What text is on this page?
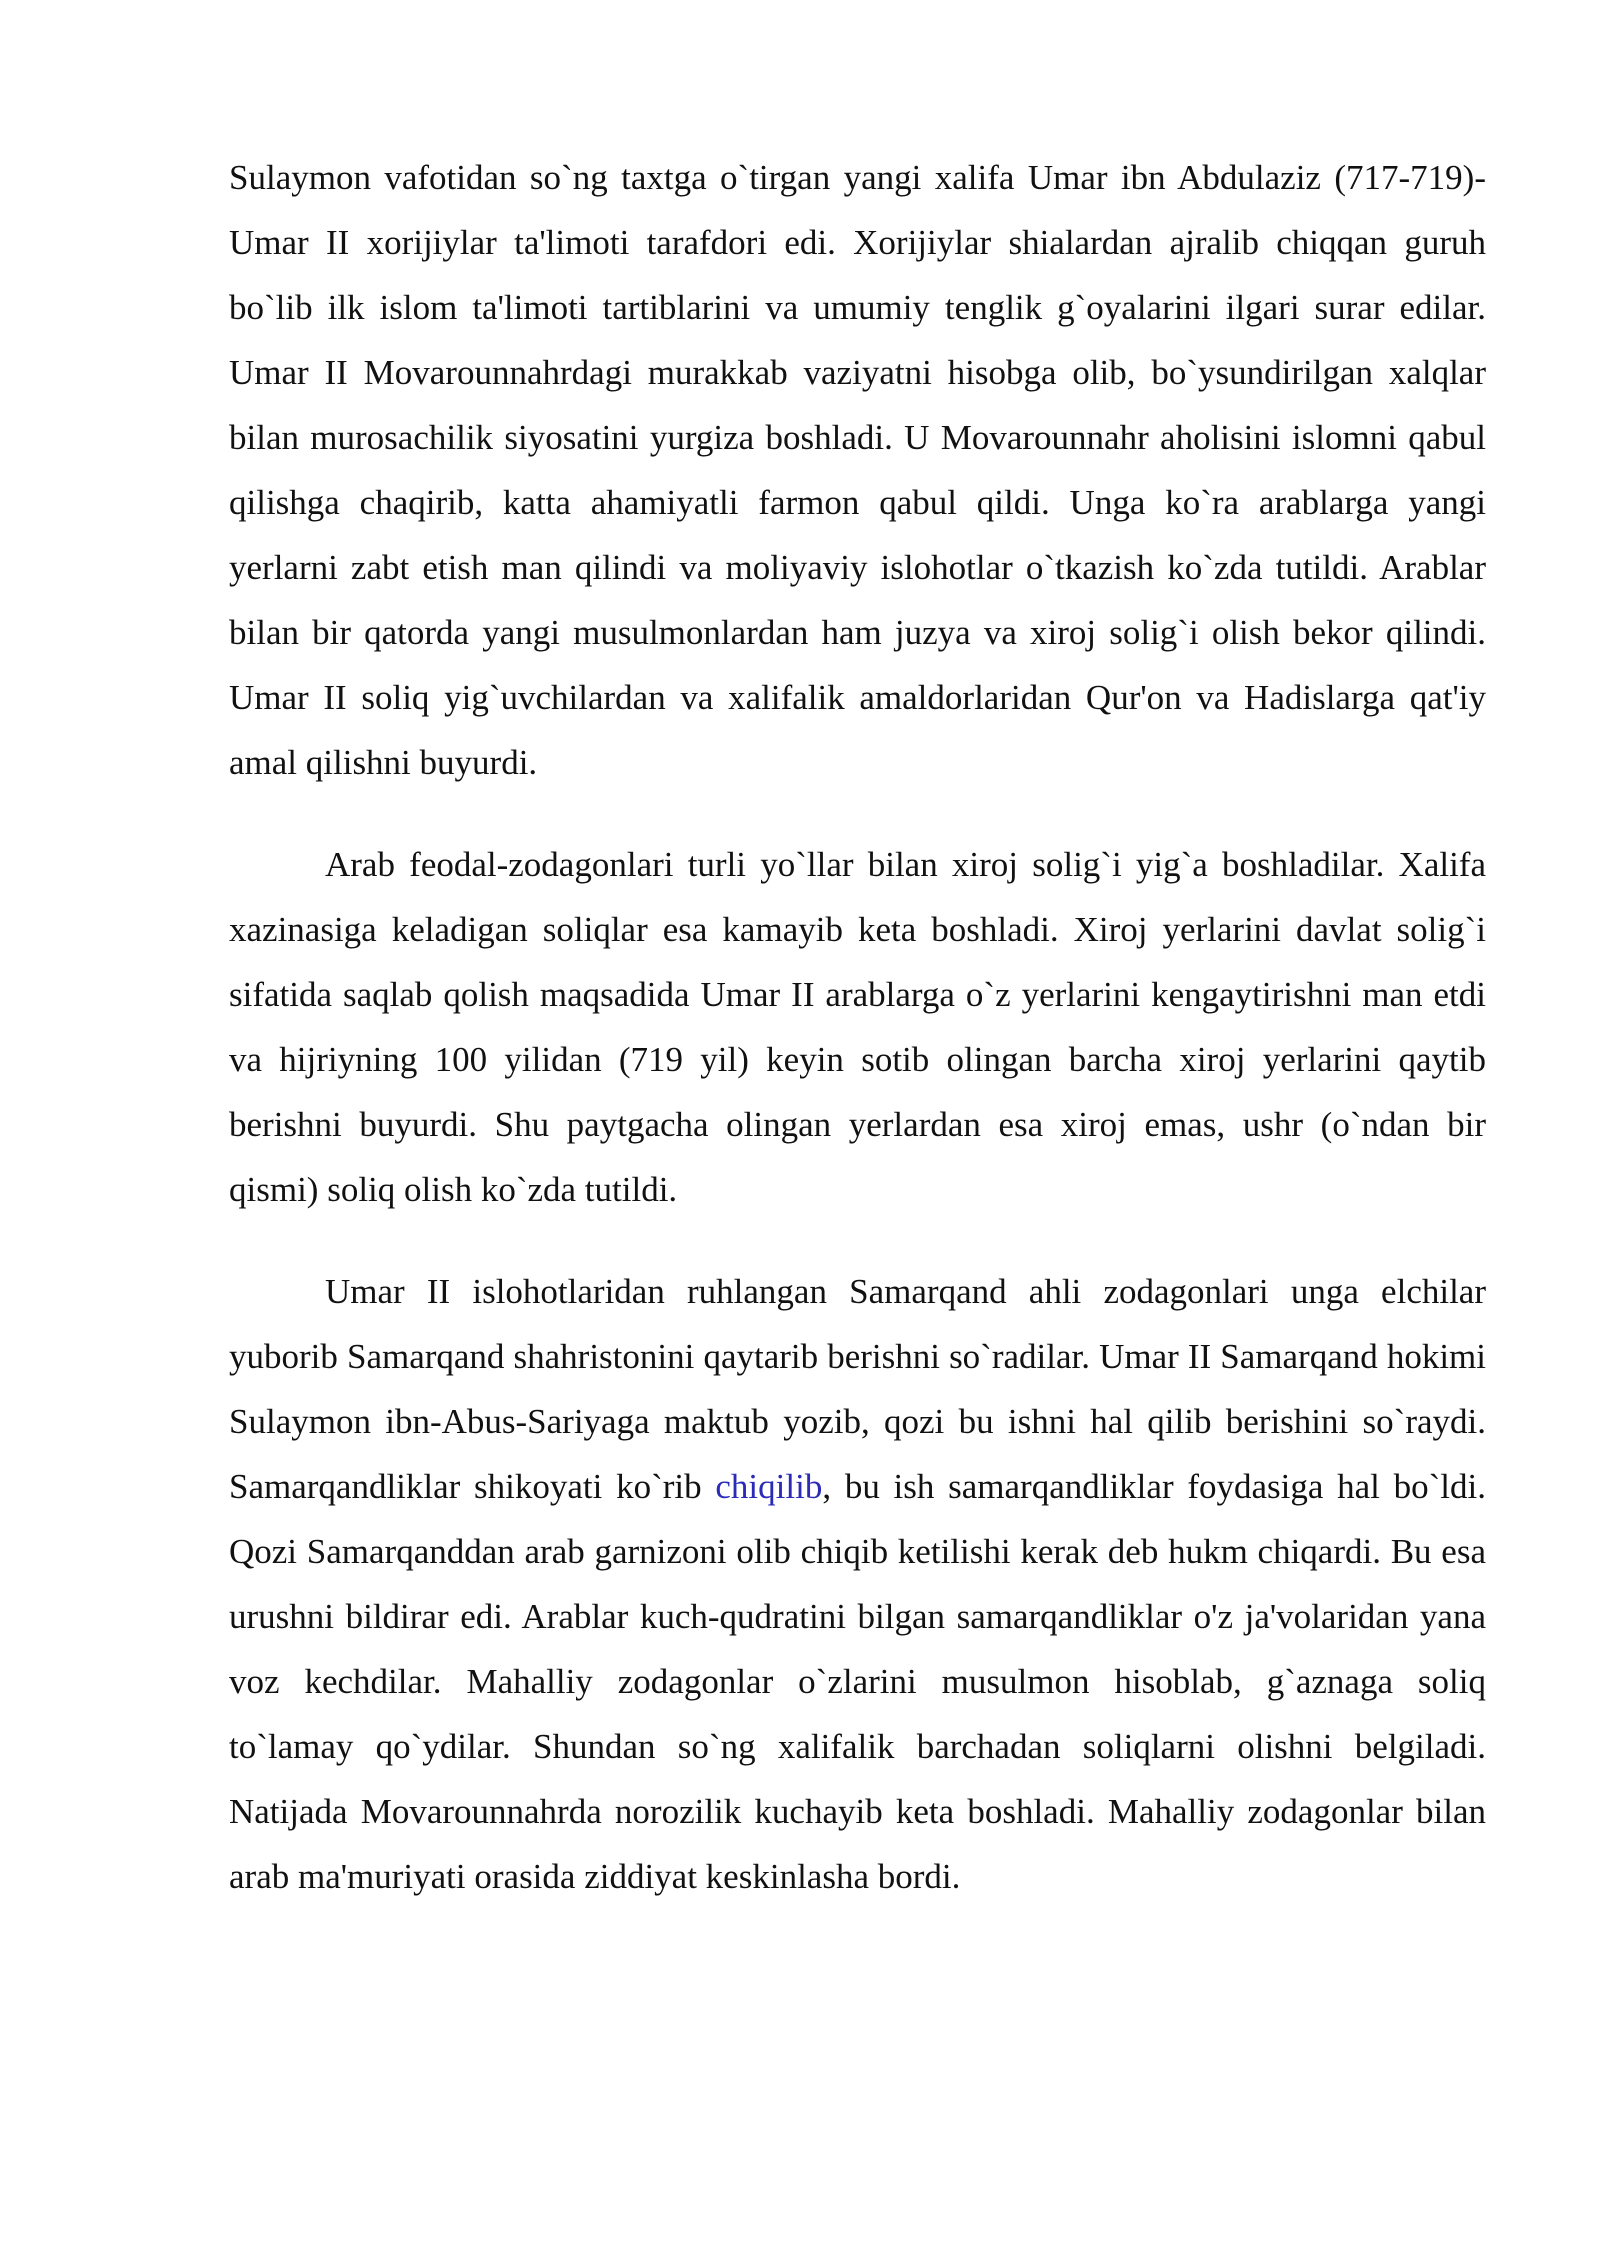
Sulaymon vafotidan so`ng taxtga o`tirgan yangi xalifa Umar ibn Abdulaziz (717-719)-Umar II xorijiylar ta'limoti tarafdori edi. Xorijiylar shialardan ajralib chiqqan guruh bo`lib ilk islom ta'limoti tartiblarini va umumiy tenglik g`oyalarini ilgari surar edilar. Umar II Movarounnahrdagi murakkab vaziyatni hisobga olib, bo`ysundirilgan xalqlar bilan murosachilik siyosatini yurgiza boshladi. U Movarounnahr aholisini islomni qabul qilishga chaqirib, katta ahamiyatli farmon qabul qildi. Unga ko`ra arablarga yangi yerlarni zabt etish man qilindi va moliyaviy islohotlar o`tkazish ko`zda tutildi. Arablar bilan bir qatorda yangi musulmonlardan ham juzya va xiroj solig`i olish bekor qilindi. Umar II soliq yig`uvchilardan va xalifalik amaldorlaridan Qur'on va Hadislarga qat'iy amal qilishni buyurdi.

Arab feodal-zodagonlari turli yo`llar bilan xiroj solig`i yig`a boshladilar. Xalifa xazinasiga keladigan soliqlar esa kamayib keta boshladi. Xiroj yerlarini davlat solig`i sifatida saqlab qolish maqsadida Umar II arablarga o`z yerlarini kengaytirishni man etdi va hijriyning 100 yilidan (719 yil) keyin sotib olingan barcha xiroj yerlarini qaytib berishni buyurdi. Shu paytgacha olingan yerlardan esa xiroj emas, ushr (o`ndan bir qismi) soliq olish ko`zda tutildi.

Umar II islohotlaridan ruhlangan Samarqand ahli zodagonlari unga elchilar yuborib Samarqand shahristonini qaytarib berishni so`radilar. Umar II Samarqand hokimi Sulaymon ibn-Abus-Sariyaga maktub yozib, qozi bu ishni hal qilib berishini so`raydi. Samarqandliklar shikoyati ko`rib chiqilib, bu ish samarqandliklar foydasiga hal bo`ldi. Qozi Samarqanddan arab garnizoni olib chiqib ketilishi kerak deb hukm chiqardi. Bu esa urushni bildirar edi. Arablar kuch-qudratini bilgan samarqandliklar o'z ja'volaridan yana voz kechdilar. Mahalliy zodagonlar o`zlarini musulmon hisoblab, g`aznaga soliq to`lamay qo`ydilar. Shundan so`ng xalifalik barchadan soliqlarni olishni belgiladi. Natijada Movarounnahrda norozilik kuchayib keta boshladi. Mahalliy zodagonlar bilan arab ma'muriyati orasida ziddiyat keskinlasha bordi.
